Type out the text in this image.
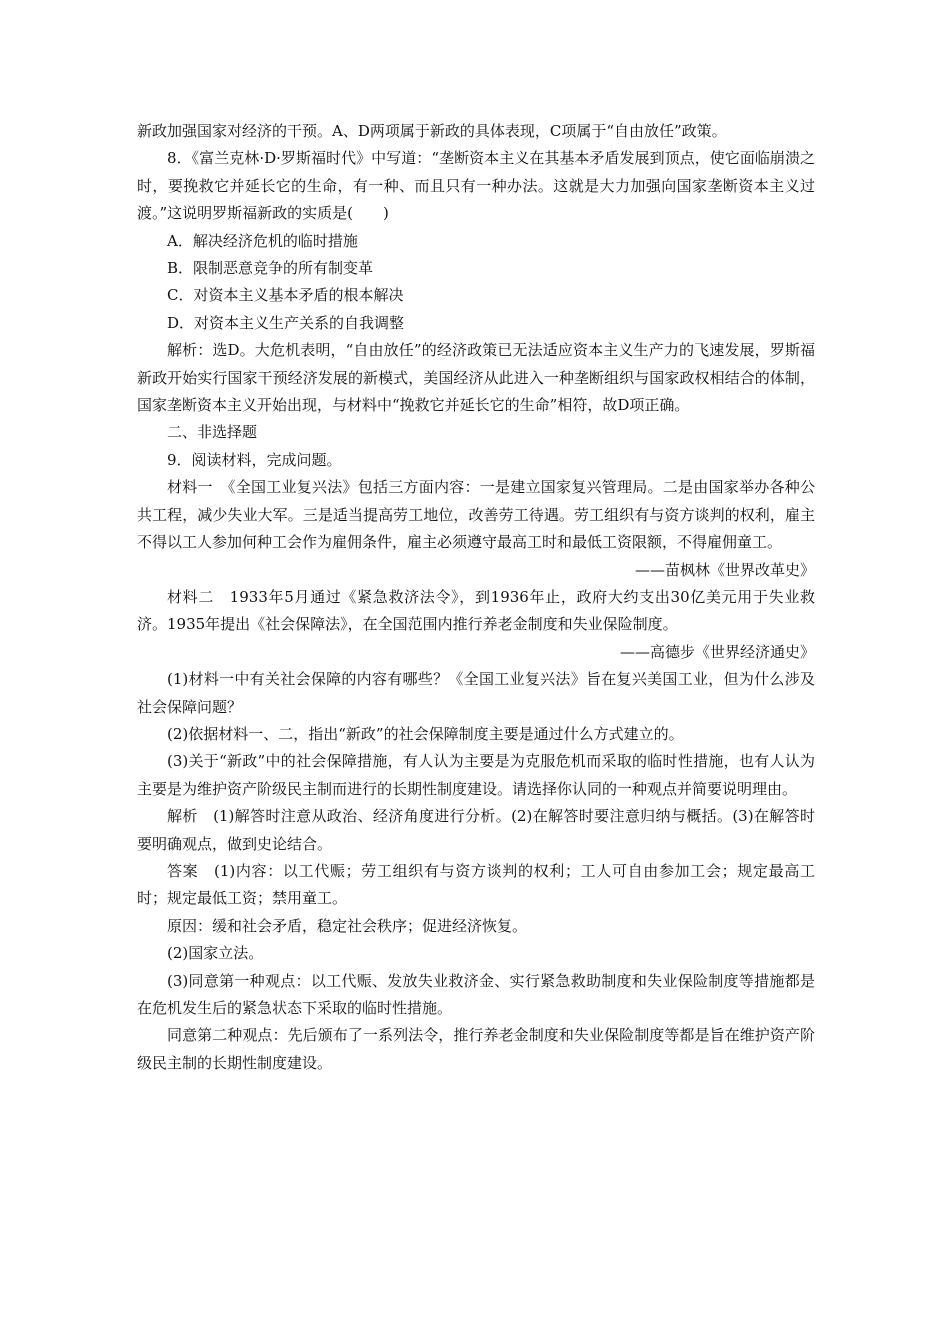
新政加强国家对经济的干预。A、D两项属于新政的具体表现，C项属于“自由放任”政策。

8．《富兰克林·D·罗斯福时代》中写道：“垄断资本主义在其基本矛盾发展到顶点，使它面临崩溃之时，要挽救它并延长它的生命，有一种、而且只有一种办法。这就是大力加强向国家垄断资本主义过渡。”这说明罗斯福新政的实质是(　　)

A．解决经济危机的临时措施

B．限制恶意竞争的所有制变革

C．对资本主义基本矛盾的根本解决

D．对资本主义生产关系的自我调整

解析：选D。大危机表明，“自由放任”的经济政策已无法适应资本主义生产力的飞速发展，罗斯福新政开始实行国家干预经济发展的新模式，美国经济从此进入一种垄断组织与国家政权相结合的体制，国家垄断资本主义开始出现，与材料中“挽救它并延长它的生命”相符，故D项正确。

二、非选择题

9．阅读材料，完成问题。

材料一　《全国工业复兴法》包括三方面内容：一是建立国家复兴管理局。二是由国家举办各种公共工程，减少失业大军。三是适当提高劳工地位，改善劳工待遇。劳工组织有与资方谈判的权利，雇主不得以工人参加何种工会作为雇佣条件，雇主必须遵守最高工时和最低工资限额，不得雇佣童工。

——苗枫林《世界改革史》

材料二　1933年5月通过《紧急救济法令》，到1936年止，政府大约支出30亿美元用于失业救济。1935年提出《社会保障法》，在全国范围内推行养老金制度和失业保险制度。

——高德步《世界经济通史》

(1)材料一中有关社会保障的内容有哪些？《全国工业复兴法》旨在复兴美国工业，但为什么涉及社会保障问题？

(2)依据材料一、二，指出“新政”的社会保障制度主要是通过什么方式建立的。

(3)关于“新政”中的社会保障措施，有人认为主要是为克服危机而采取的临时性措施，也有人认为主要是为维护资产阶级民主制而进行的长期性制度建设。请选择你认同的一种观点并简要说明理由。

解析　(1)解答时注意从政治、经济角度进行分析。(2)在解答时要注意归纳与概括。(3)在解答时要明确观点，做到史论结合。

答案　(1)内容：以工代赈；劳工组织有与资方谈判的权利；工人可自由参加工会；规定最高工时；规定最低工资；禁用童工。

原因：缓和社会矛盾，稳定社会秩序；促进经济恢复。

(2)国家立法。

(3)同意第一种观点：以工代赈、发放失业救济金、实行紧急救助制度和失业保险制度等措施都是在危机发生后的紧急状态下采取的临时性措施。

同意第二种观点：先后颁布了一系列法令，推行养老金制度和失业保险制度等都是旨在维护资产阶级民主制的长期性制度建设。
